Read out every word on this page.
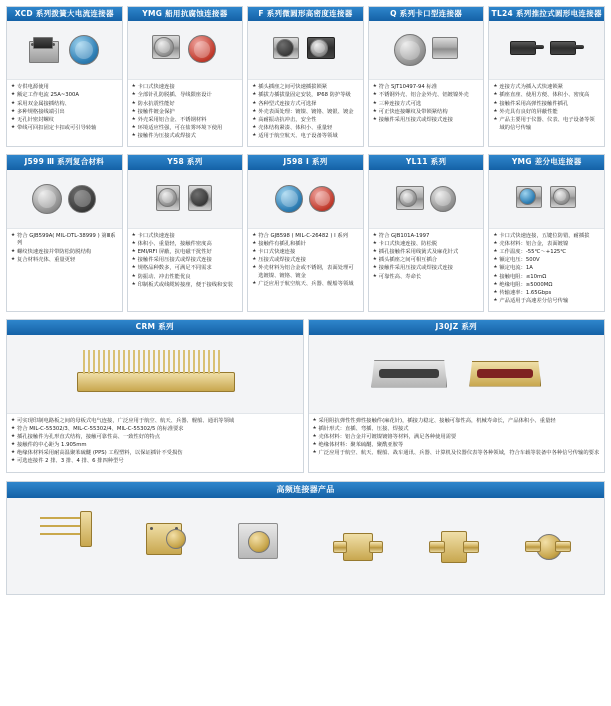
XCD 系列拨簧大电流连接器
★ 专供电源使用
★ 额定工作电流 25A~300A
★ 采用双金属接插结构、
★ 多种规格接线端引出
★ 无孔针密封螺纹
★ 带线可回扣固定卡扣或可引导转轴
YMG 船用抗腐蚀连接器
★ 卡口式快速连接
★ 全部针孔防脱插、导线限座设计
★ 防水抗震性能好
★ 接触件镀金保护
★ 外壳采用铝合金、不锈钢材料
★ 环境适应性强，可在盐雾环境下使用
★ 接触件为压接式或焊接式
F 系列微圆形高密度连接器
★ 插头插座之间可快速插拔锁紧
★ 插拔力插拔量固定安装，IP68 防护等级
★ 各种型式连接方式可选择
★ 外壳表面处理：镀镍、镀铬、镀银、镀金
★ 高耐振动抗冲击，安全性
★ 壳体结构紧凑、体积小、重量轻
★ 适用于航空航天、电子设备等领域
Q 系列卡口型连接器
★ 符合 SJT10497-94 标准
★ 不锈钢外壳、铝合金外壳、铝镀镍外壳
★ 三种连接方式可选
★ 可正快连接螺纹及带锁紧结构
★ 接触件采用压接式或焊接式连接
TL24 系列推拉式圆形电连接器
★ 连接方式为插入式快速锁紧
★ 插座直座、使用方便、体积小、密度高
★ 接触件采用高弹性接触件插孔
★ 外壳具有良好的屏蔽性能
★ 产品主要用于仪器、仪表、电子设备等领域的信号传输
J599 Ⅲ 系列复合材料
★ 符合 GJB599A( MIL-DTL-38999 ) 第Ⅲ系列
★ 螺纹快速连接并带防松防脱结构
★ 复合材料壳体、重量更轻
Y58 系列
★ 卡口式快速连接
★ 体积小、重量轻，接触件密度高
★ EMI/RFI 屏蔽，抗电磁干扰性好
★ 接触件采用压接式或焊接式连接
★ 规格品种数多，可满足不同需求
★ 防振动、冲击性能优良
★ 印制板式或线缆转接座，便于接线和安装
J598 Ⅰ 系列
★ 符合 GJB598 ( MIL-C-26482 ) Ⅰ 系列
★ 接触件有插孔和插针
★ 卡口式快速连接
★ 压接式或焊接式连接
★ 外壳材料为铝合金或不锈钢，表面处理可选镀镍、镀铬、镀金
★ 广泛应用于航空航天、兵器、舰船等领域
YL11 系列
★ 符合 GJB101A-1997
★ 卡口式快速连接、防松脱
★ 插孔接触件采用线簧式及麻花针式
★ 插头插座之间可相互插合
★ 接触件采用压接式或焊接式连接
★ 可靠性高、寿命长
YMG 差分电连接器
★ 卡口式快速连接，五键位防错，耐插拔
★ 壳体材料：铝合金，表面镀镍
★ 工作温度：-55℃～+125℃
★ 额定电压：500V
★ 额定电流：1A
★ 接触电阻：≤10mΩ
★ 绝缘电阻：≥5000MΩ
★ 传输速率：1.65Gbps
★ 产品适用于高速差分信号传输
CRM 系列
★ 可实现印制电路板之间的母板式电气连接，广泛应用于航空、航天、兵器、舰船、通讯等领域
★ 符合 MIL-C-55302/3、MIL-C-55302/4、MIL-C-55302/5 的标准要求
★ 插孔接触件为孔形直式结构，接触可靠性高、一致性好的特点
★ 接触件的中心距为 1.905mm
★ 绝缘体材料采用耐高温聚苯硫醚 (PPS) 工程塑料，以保证插针不受损伤
★ 可选连接件 2 排、3 排、4 排、6 排四种型号
J30JZ 系列
★ 采用阻抗弹性性弹性接触件(麻花针)，插接力稳定、接触可靠性高，机械寿命长，产品体积小、重量轻
★ 插针形式：直插、弯插、压接、焊接式
★ 壳体材料：铝合金并可镀镍镀铬等材料，满足各种使用需要
★ 绝缘体材料：聚苯硫醚、聚酰亚胺等
★ 广泛应用于航空、航天、舰船、战车通讯、兵器、计算机及仪器仪表等各种领域，符合车载等装备中各种信号传输的要求
高频连接器产品
